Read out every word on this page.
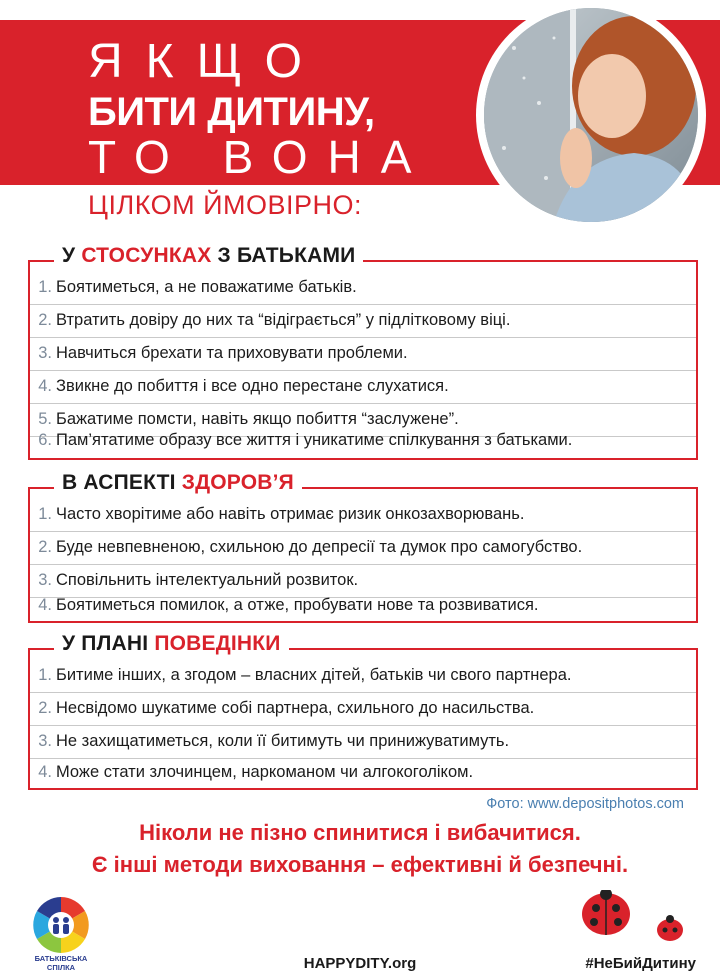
ЯКЩО
БИТИ ДИТИНУ,
ТО ВОНА
ЦІЛКОМ ЙМОВІРНО:
У СТОСУНКАХ З БАТЬКАМИ
1. Боятиметься, а не поважатиме батьків.
2. Втратить довіру до них та “відіграється” у підлітковому віці.
3. Навчиться брехати та приховувати проблеми.
4. Звикне до побиття і все одно перестане слухатися.
5. Бажатиме помсти, навіть якщо побиття “заслужене”.
6. Пам’ятатиме образу все життя і уникатиме спілкування з батьками.
В АСПЕКТІ ЗДОРОВ’Я
1. Часто хворітиме або навіть отримає ризик онкозахворювань.
2. Буде невпевненою, схильною до депресії та думок про самогубство.
3. Сповільнить інтелектуальний розвиток.
4. Боятиметься помилок, а отже, пробувати нове та розвиватися.
У ПЛАНІ ПОВЕДІНКИ
1. Битиме інших, а згодом – власних дітей, батьків чи свого партнера.
2. Несвідомо шукатиме собі партнера, схильного до насильства.
3. Не захищатиметься, коли її битимуть чи принижуватимуть.
4. Може стати злочинцем, наркоманом чи алгокоголіком.
Фото: www.depositphotos.com
Ніколи не пізно спинитися і вибачитися.
Є інші методи виховання – ефективні й безпечні.
БАТЬКІВСЬКА СПІЛКА	HAPPYDITY.org	#НеБийДитину
